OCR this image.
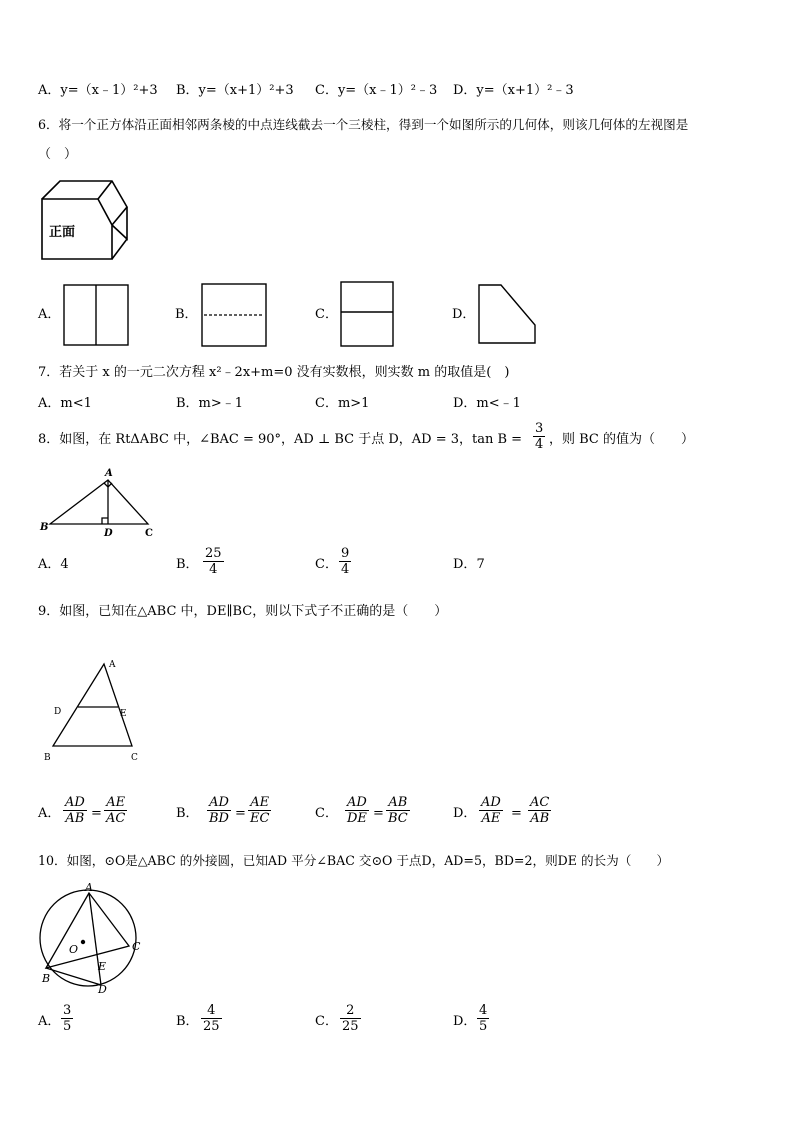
A．y=（x﹣1）²+3 B．y=（x+1）²+3 C．y=（x﹣1）²﹣3 D．y=（x+1）²﹣3
6．将一个正方体沿正面相邻两条棱的中点连线截去一个三棱柱，得到一个如图所示的几何体，则该几何体的左视图是
（　）
正面
A．	B．	C．	D．
7．若关于 x 的一元二次方程 x²﹣2x+m=0 没有实数根，则实数 m 的取值是(　)
A．m<1	B．m>﹣1	C．m>1	D．m<﹣1
8．如图，在 RtΔABC 中，∠BAC = 90°，AD ⊥ BC 于点 D，AD = 3，$\tan B = \frac{3}{4}$ ，则 BC 的值为（　　）
A
B
D	C
A．4	B． $\frac{25}{4}$	C． $\frac{9}{4}$	D．7
9．如图，已知在△ABC 中，DE∥BC，则以下式子不正确的是（　　）
A
D	E
B	C
A． $\frac{AD}{AB} = \frac{AE}{AC}$	B． $\frac{AD}{BD} = \frac{AE}{EC}$	C． $\frac{AD}{DE} = \frac{AB}{BC}$	D． $\frac{AD}{AE} = \frac{AC}{AB}$
10．如图，⊙O是△ABC 的外接圆，已知AD 平分∠BAC 交⊙O 于点D，AD=5，BD=2，则DE 的长为（　　）
A
O	C
E
B
D
A． $\frac{3}{5}$	B． $\frac{4}{25}$	C． $\frac{2}{25}$	D． $\frac{4}{5}$
